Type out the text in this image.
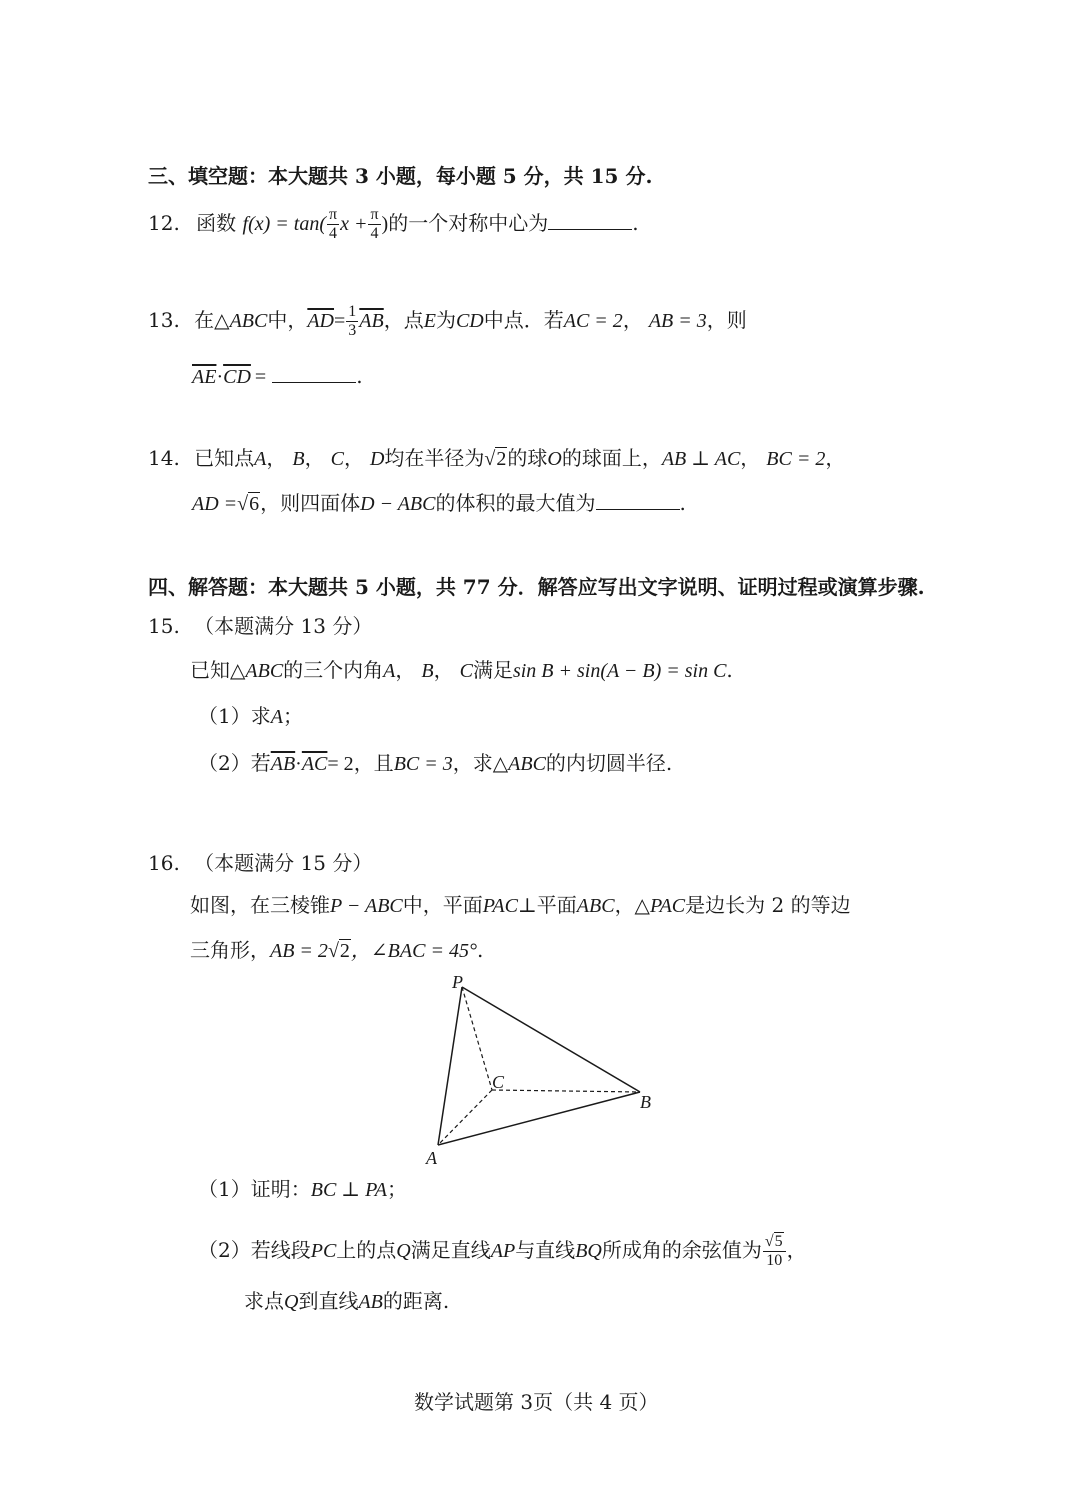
三、填空题：本大题共 3 小题，每小题 5 分，共 15 分.
12. 函数 $f(x) = \tan( \frac{\pi}{4}$ $x + \frac{\pi}{4}$ )的一个对称中心为	.
13. 在△ABC中，$\overline{AD}= \frac{1}{3} \overline{AB}$，点E为CD中点．若AC = 2， AB = 3，则
$\overline{AE}\cdot\overline{CD}$ =	.
14. 已知点A， B， C， D均在半径为√2的球O的球面上，AB ⊥ AC， BC = 2，
AD =√6，则四面体D − ABC的体积的最大值为	.
四、解答题：本大题共 5 小题，共 77 分．解答应写出文字说明、证明过程或演算步骤.
15. （本题满分 13 分）
已知△ABC的三个内角A， B， C满足sin B + sin(A − B) = sin C.
（1）求A；
（2）若$\overline{AB}\cdot\overline{AC}= 2$，且BC = 3，求△ABC的内切圆半径.
16. （本题满分 15 分）
如图，在三棱锥P − ABC中，平面PAC⊥平面ABC，△PAC是边长为 2 的等边
三角形，AB = 2√2，∠BAC = 45°.
P
C
B
A
（1）证明：BC ⊥ PA；
（2）若线段PC上的点Q满足直线AP与直线BQ所成角的余弦值为 $\frac{√5}{10}$ ，
求点Q到直线AB的距离.
数学试题第 3页（共 4 页）
